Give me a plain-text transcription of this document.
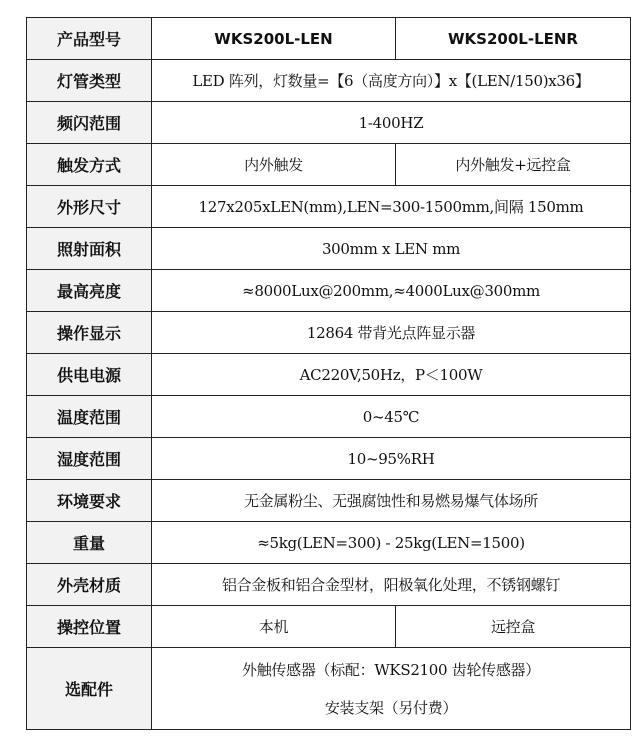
产品型号	WKS200L-LEN	WKS200L-LENR
灯管类型	LED 阵列，灯数量=【6（高度方向）】x【(LEN/150)x36】	
频闪范围	1-400HZ	
触发方式	内外触发	内外触发+远控盒
外形尺寸	127x205xLEN(mm),LEN=300-1500mm,间隔 150mm	
照射面积	300mm x LEN mm	
最高亮度	≈8000Lux@200mm,≈4000Lux@300mm	
操作显示	12864 带背光点阵显示器	
供电电源	AC220V,50Hz，P＜100W	
温度范围	0~45℃	
湿度范围	10~95%RH	
环境要求	无金属粉尘、无强腐蚀性和易燃易爆气体场所	
重量	≈5kg(LEN=300) - 25kg(LEN=1500)	
外壳材质	铝合金板和铝合金型材，阳极氧化处理，不锈钢螺钉	
操控位置	本机	远控盒
选配件	外触传感器（标配：WKS2100 齿轮传感器）
安装支架（另付费）	
